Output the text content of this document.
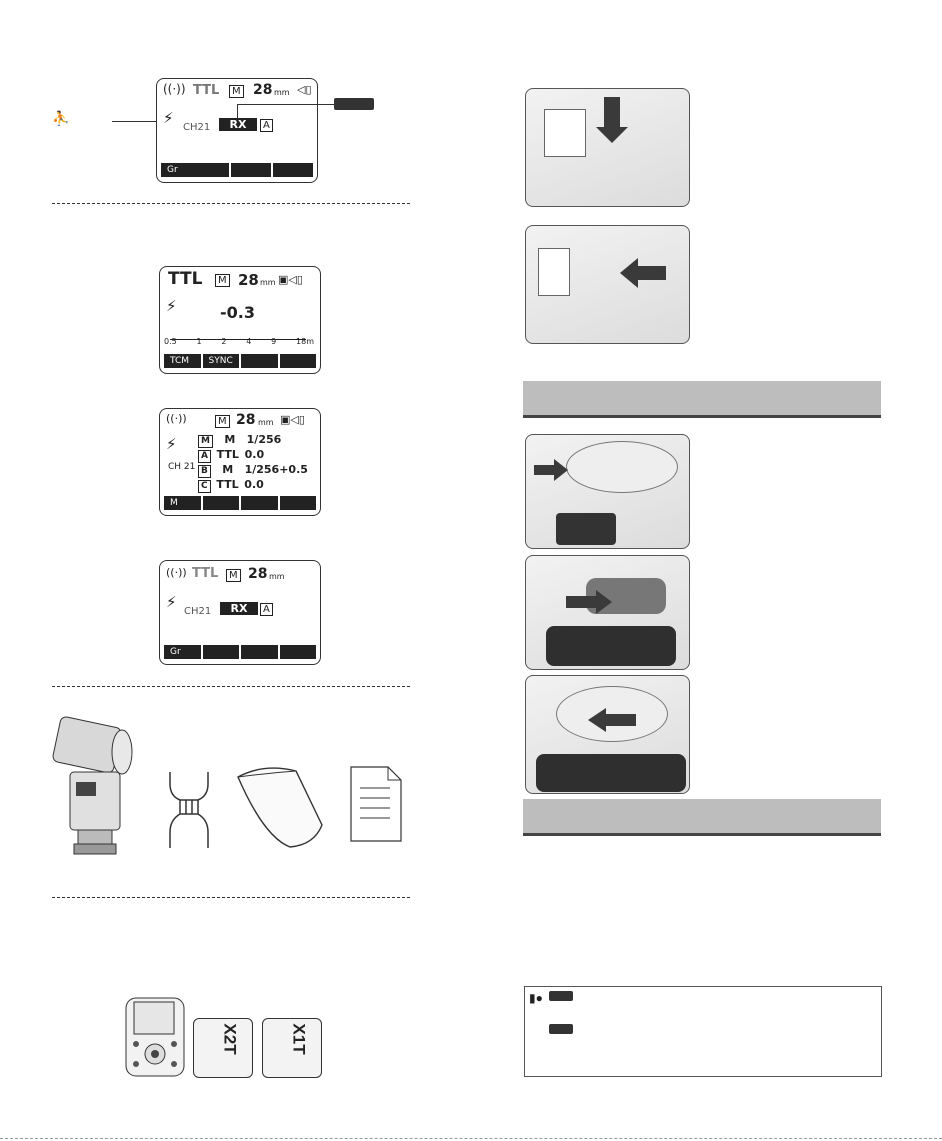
⛹
((·)) TTL	M 28 mm ◁▯
⚡
CH21	RX	A
Gr
TTL	M 28 mm ▣◁▯
⚡	-0.3
0.5 1 2 4 9 18m
TCM	SYNC
((·))	M 28 mm ▣◁▯
⚡
CH 21
M M 1/256
A TTL 0.0
B M 1/256+0.5
C TTL 0.0
M
((·)) TTL	M 28 mm
⚡
CH21	RX	A
Gr
X2T	X1T
▮●
